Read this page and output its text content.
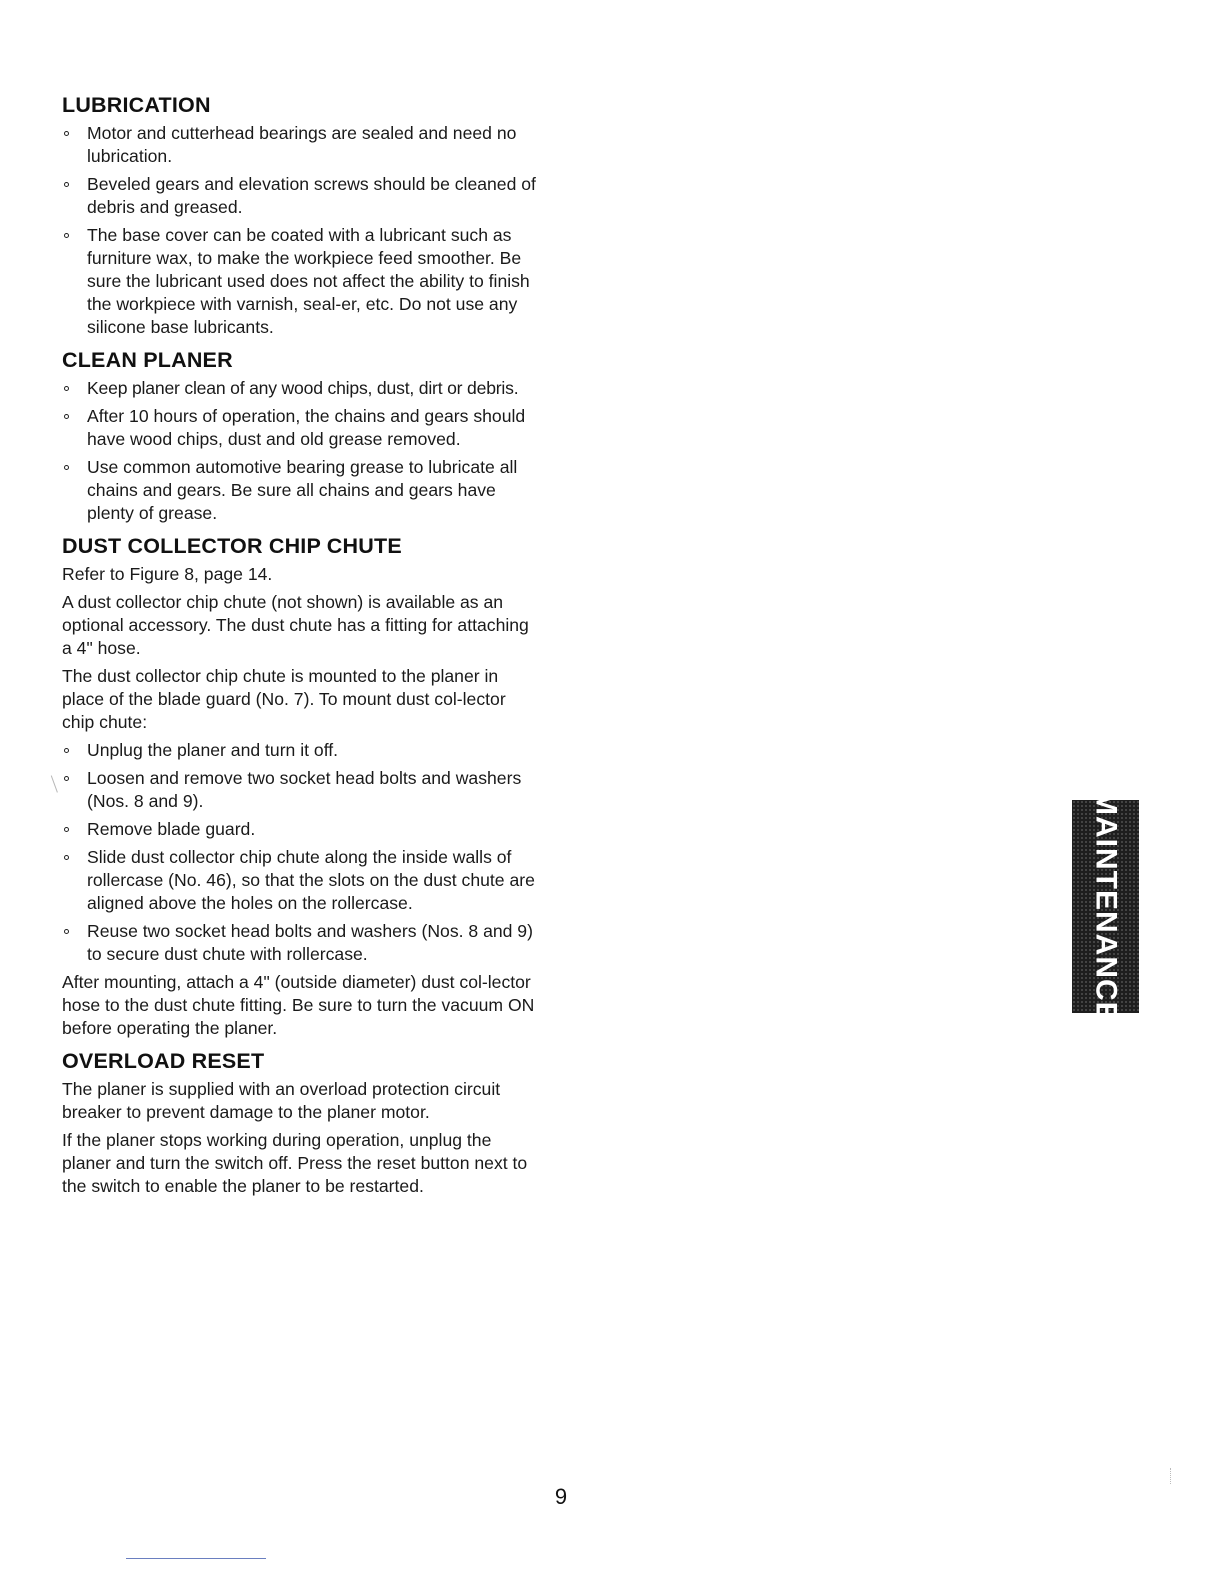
LUBRICATION
Motor and cutterhead bearings are sealed and need no lubrication.
Beveled gears and elevation screws should be cleaned of debris and greased.
The base cover can be coated with a lubricant such as furniture wax, to make the workpiece feed smoother. Be sure the lubricant used does not affect the ability to finish the workpiece with varnish, seal-er, etc. Do not use any silicone base lubricants.
CLEAN PLANER
Keep planer clean of any wood chips, dust, dirt or debris.
After 10 hours of operation, the chains and gears should have wood chips, dust and old grease removed.
Use common automotive bearing grease to lubricate all chains and gears. Be sure all chains and gears have plenty of grease.
DUST COLLECTOR CHIP CHUTE

Refer to Figure 8, page 14.

A dust collector chip chute (not shown) is available as an optional accessory. The dust chute has a fitting for attaching a 4" hose.

The dust collector chip chute is mounted to the planer in place of the blade guard (No. 7). To mount dust col-lector chip chute:

Unplug the planer and turn it off.
Loosen and remove two socket head bolts and washers (Nos. 8 and 9).
Remove blade guard.
Slide dust collector chip chute along the inside walls of rollercase (No. 46), so that the slots on the dust chute are aligned above the holes on the rollercase.
Reuse two socket head bolts and washers (Nos. 8 and 9) to secure dust chute with rollercase.

After mounting, attach a 4" (outside diameter) dust col-lector hose to the dust chute fitting. Be sure to turn the vacuum ON before operating the planer.

OVERLOAD RESET

The planer is supplied with an overload protection circuit breaker to prevent damage to the planer motor.

If the planer stops working during operation, unplug the planer and turn the switch off. Press the reset button next to the switch to enable the planer to be restarted.

MAINTENANCE
9
